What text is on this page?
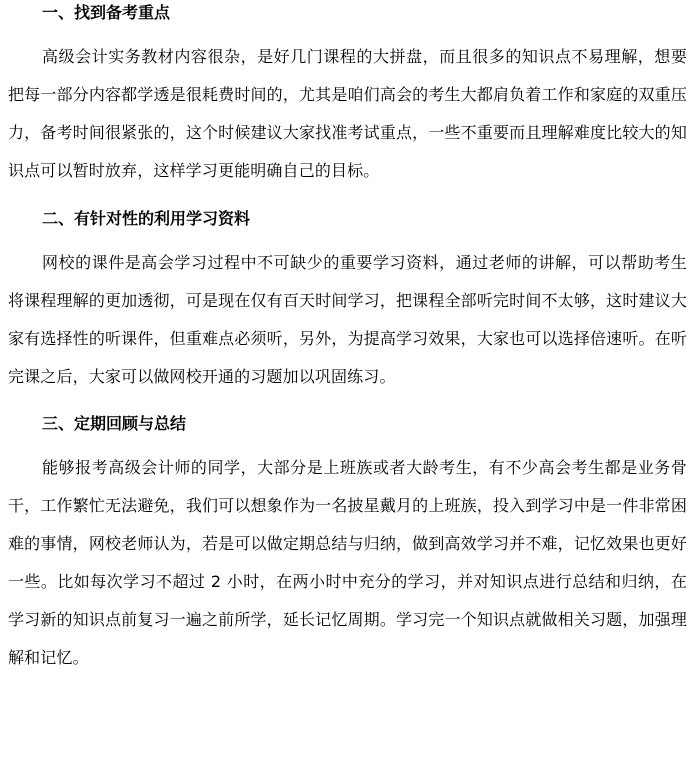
一、找到备考重点

高级会计实务教材内容很杂，是好几门课程的大拼盘，而且很多的知识点不易理解，想要把每一部分内容都学透是很耗费时间的，尤其是咱们高会的考生大都肩负着工作和家庭的双重压力，备考时间很紧张的，这个时候建议大家找准考试重点，一些不重要而且理解难度比较大的知识点可以暂时放弃，这样学习更能明确自己的目标。

二、有针对性的利用学习资料

网校的课件是高会学习过程中不可缺少的重要学习资料，通过老师的讲解，可以帮助考生将课程理解的更加透彻，可是现在仅有百天时间学习，把课程全部听完时间不太够，这时建议大家有选择性的听课件，但重难点必须听，另外，为提高学习效果，大家也可以选择倍速听。在听完课之后，大家可以做网校开通的习题加以巩固练习。

三、定期回顾与总结

能够报考高级会计师的同学，大部分是上班族或者大龄考生，有不少高会考生都是业务骨干，工作繁忙无法避免，我们可以想象作为一名披星戴月的上班族，投入到学习中是一件非常困难的事情，网校老师认为，若是可以做定期总结与归纳，做到高效学习并不难，记忆效果也更好一些。比如每次学习不超过 2 小时，在两小时中充分的学习，并对知识点进行总结和归纳，在学习新的知识点前复习一遍之前所学，延长记忆周期。学习完一个知识点就做相关习题，加强理解和记忆。
